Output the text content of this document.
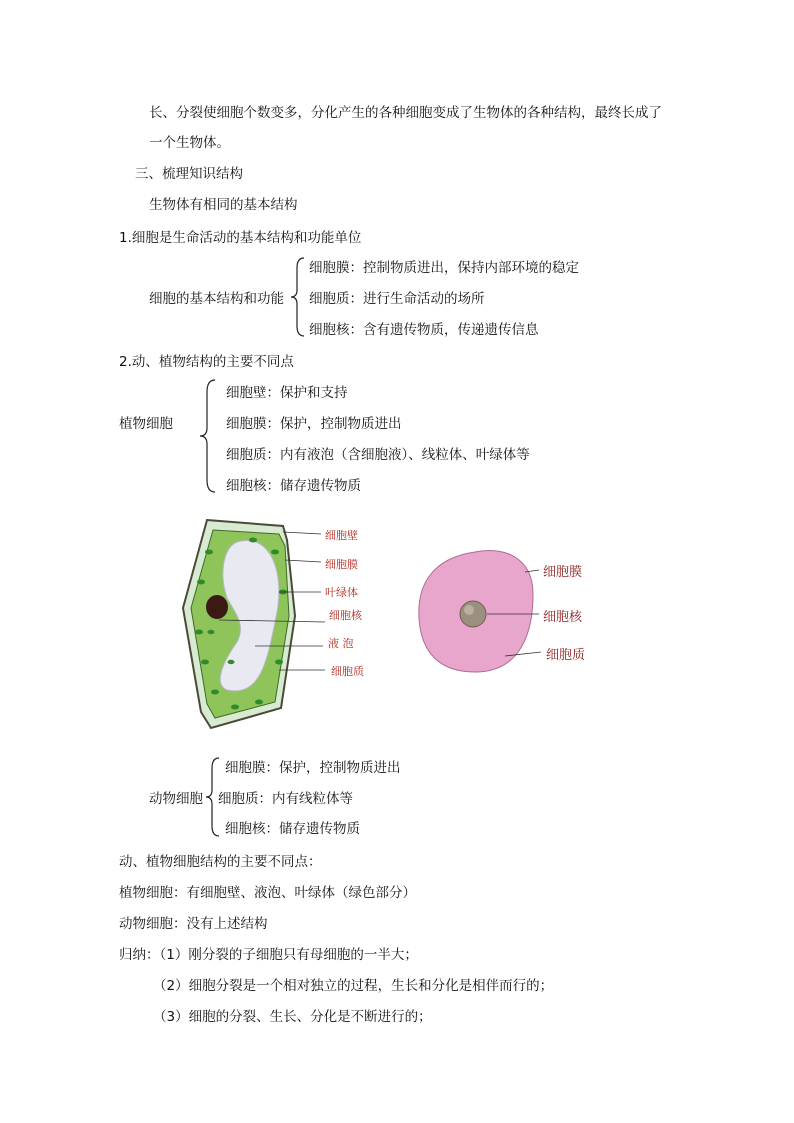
长、分裂使细胞个数变多，分化产生的各种细胞变成了生物体的各种结构，最终长成了
一个生物体。
三、梳理知识结构
生物体有相同的基本结构
1.细胞是生命活动的基本结构和功能单位
细胞的基本结构和功能
细胞膜：控制物质进出，保持内部环境的稳定
细胞质：进行生命活动的场所
细胞核：含有遗传物质，传递遗传信息
2.动、植物结构的主要不同点
植物细胞
细胞壁：保护和支持
细胞膜：保护，控制物质进出
细胞质：内有液泡（含细胞液）、线粒体、叶绿体等
细胞核：储存遗传物质
细胞壁
细胞膜
叶绿体
细胞核
液 泡
细胞质
细胞膜
细胞核
细胞质
动物细胞
细胞膜：保护，控制物质进出
细胞质：内有线粒体等
细胞核：储存遗传物质
动、植物细胞结构的主要不同点：
植物细胞：有细胞壁、液泡、叶绿体（绿色部分）
动物细胞：没有上述结构
归纳：（1）刚分裂的子细胞只有母细胞的一半大；
（2）细胞分裂是一个相对独立的过程，生长和分化是相伴而行的；
（3）细胞的分裂、生长、分化是不断进行的；
